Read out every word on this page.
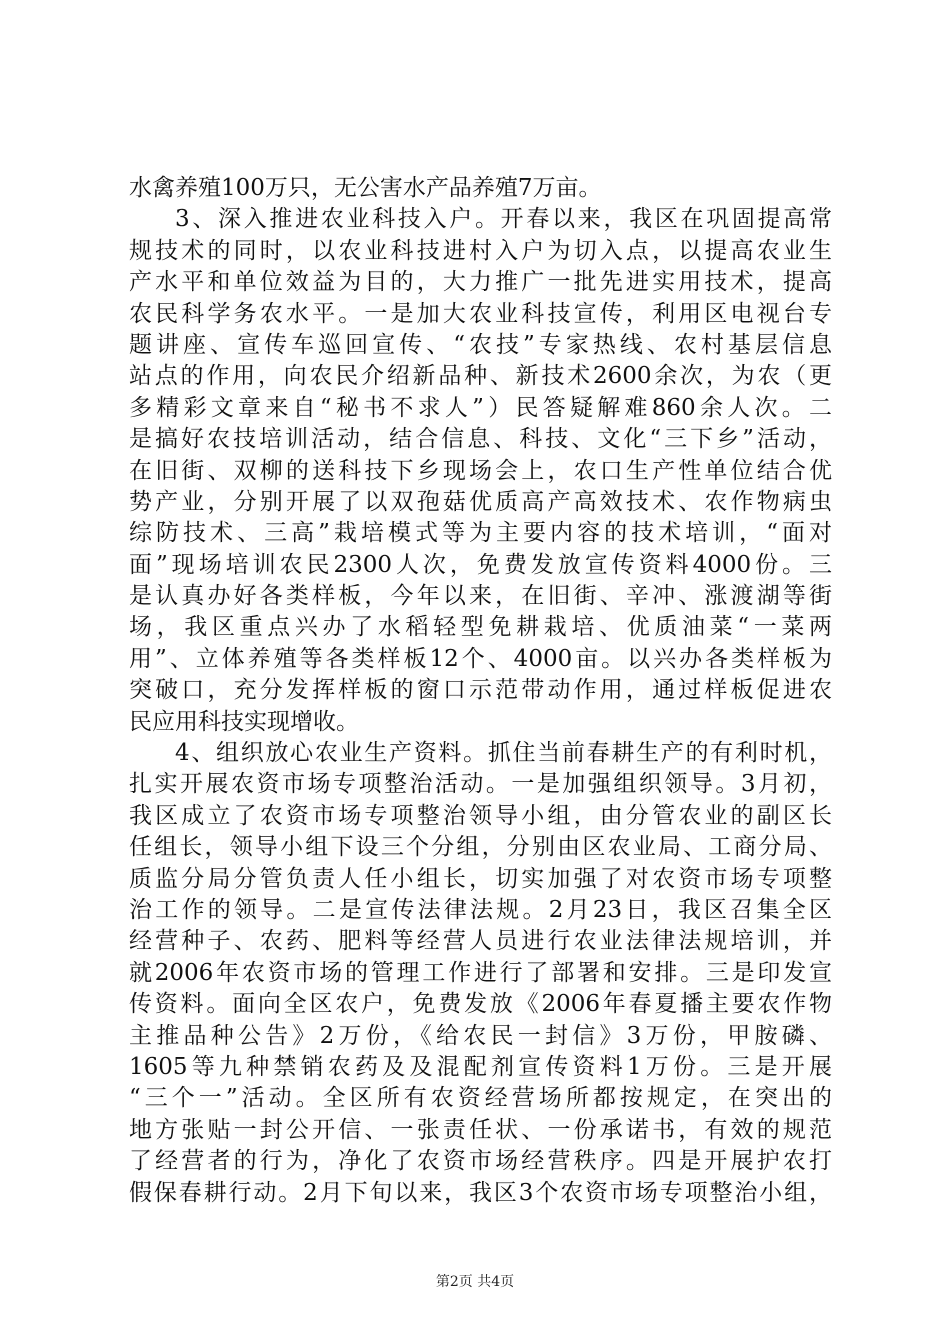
水禽养殖100万只，无公害水产品养殖7万亩。
3、深入推进农业科技入户。开春以来，我区在巩固提高常
规技术的同时，以农业科技进村入户为切入点，以提高农业生
产水平和单位效益为目的，大力推广一批先进实用技术，提高
农民科学务农水平。一是加大农业科技宣传，利用区电视台专
题讲座、宣传车巡回宣传、“农技”专家热线、农村基层信息
站点的作用，向农民介绍新品种、新技术2600余次，为农（更
多精彩文章来自“秘书不求人”）民答疑解难860余人次。二
是搞好农技培训活动，结合信息、科技、文化“三下乡”活动，
在旧街、双柳的送科技下乡现场会上，农口生产性单位结合优
势产业，分别开展了以双孢菇优质高产高效技术、农作物病虫
综防技术、三高”栽培模式等为主要内容的技术培训，“面对
面”现场培训农民2300人次，免费发放宣传资料4000份。三
是认真办好各类样板，今年以来，在旧街、辛冲、涨渡湖等街
场，我区重点兴办了水稻轻型免耕栽培、优质油菜“一菜两
用”、立体养殖等各类样板12个、4000亩。以兴办各类样板为
突破口，充分发挥样板的窗口示范带动作用，通过样板促进农
民应用科技实现增收。
4、组织放心农业生产资料。抓住当前春耕生产的有利时机，
扎实开展农资市场专项整治活动。一是加强组织领导。3月初，
我区成立了农资市场专项整治领导小组，由分管农业的副区长
任组长，领导小组下设三个分组，分别由区农业局、工商分局、
质监分局分管负责人任小组长，切实加强了对农资市场专项整
治工作的领导。二是宣传法律法规。2月23日，我区召集全区
经营种子、农药、肥料等经营人员进行农业法律法规培训，并
就2006年农资市场的管理工作进行了部署和安排。三是印发宣
传资料。面向全区农户，免费发放《2006年春夏播主要农作物
主推品种公告》2万份，《给农民一封信》3万份，甲胺磷、
1605等九种禁销农药及及混配剂宣传资料1万份。三是开展
“三个一”活动。全区所有农资经营场所都按规定，在突出的
地方张贴一封公开信、一张责任状、一份承诺书，有效的规范
了经营者的行为，净化了农资市场经营秩序。四是开展护农打
假保春耕行动。2月下旬以来，我区3个农资市场专项整治小组，
第2页 共4页
